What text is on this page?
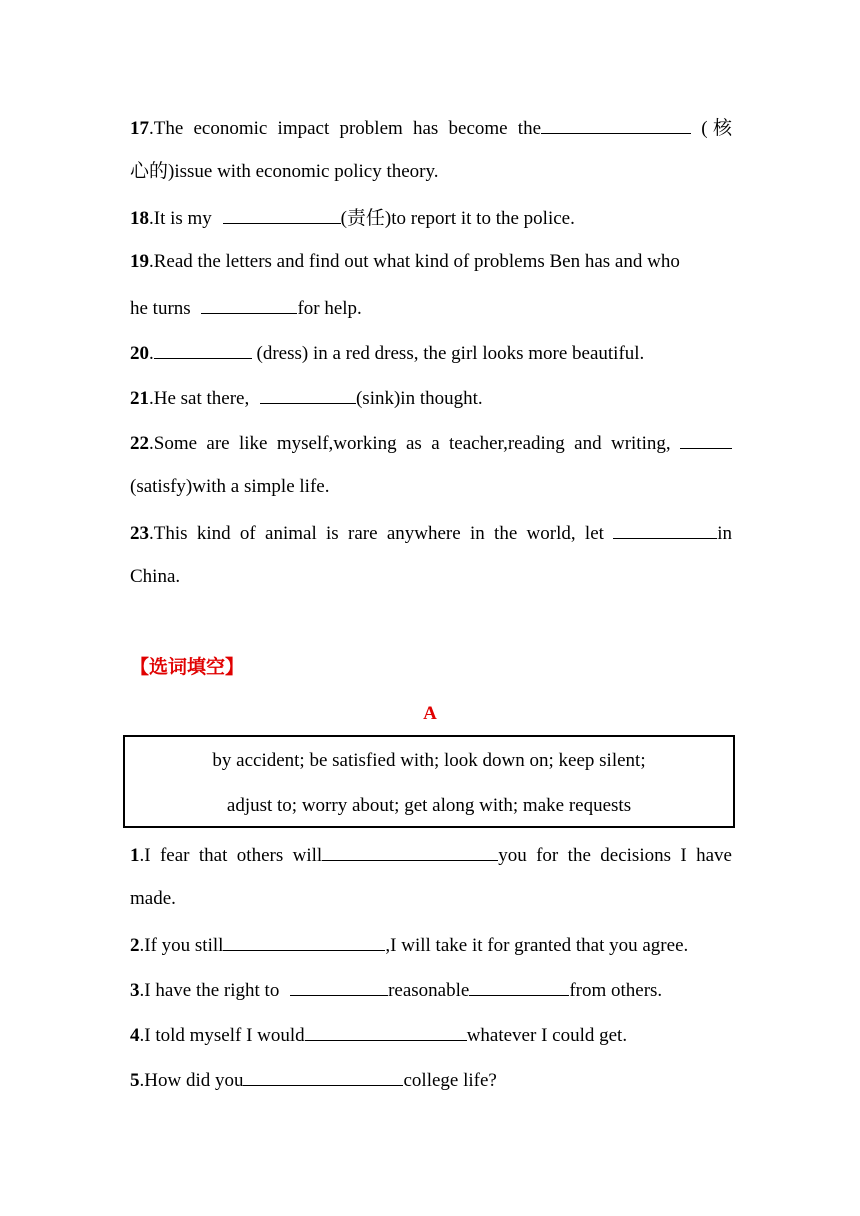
17.The economic impact problem has become the	(核
心的)issue with economic policy theory.
18.It is my	(责任)to report it to the police.
19.Read the letters and find out what kind of problems Ben has and who
he turns	for help.
20.	(dress) in a red dress, the girl looks more beautiful.
21.He sat there,	(sink)in thought.
22.Some are like myself,working as a teacher,reading and writing,
(satisfy)with a simple life.
23.This kind of animal is rare anywhere in the world, let	in
China.
【选词填空】
A
by accident; be satisfied with; look down on; keep silent;
adjust to; worry about; get along with; make requests
1.I fear that others will	you for the decisions I have
made.
2.If you still	,I will take it for granted that you agree.
3.I have the right to	reasonable	from others.
4.I told myself I would	whatever I could get.
5.How did you	college life?
